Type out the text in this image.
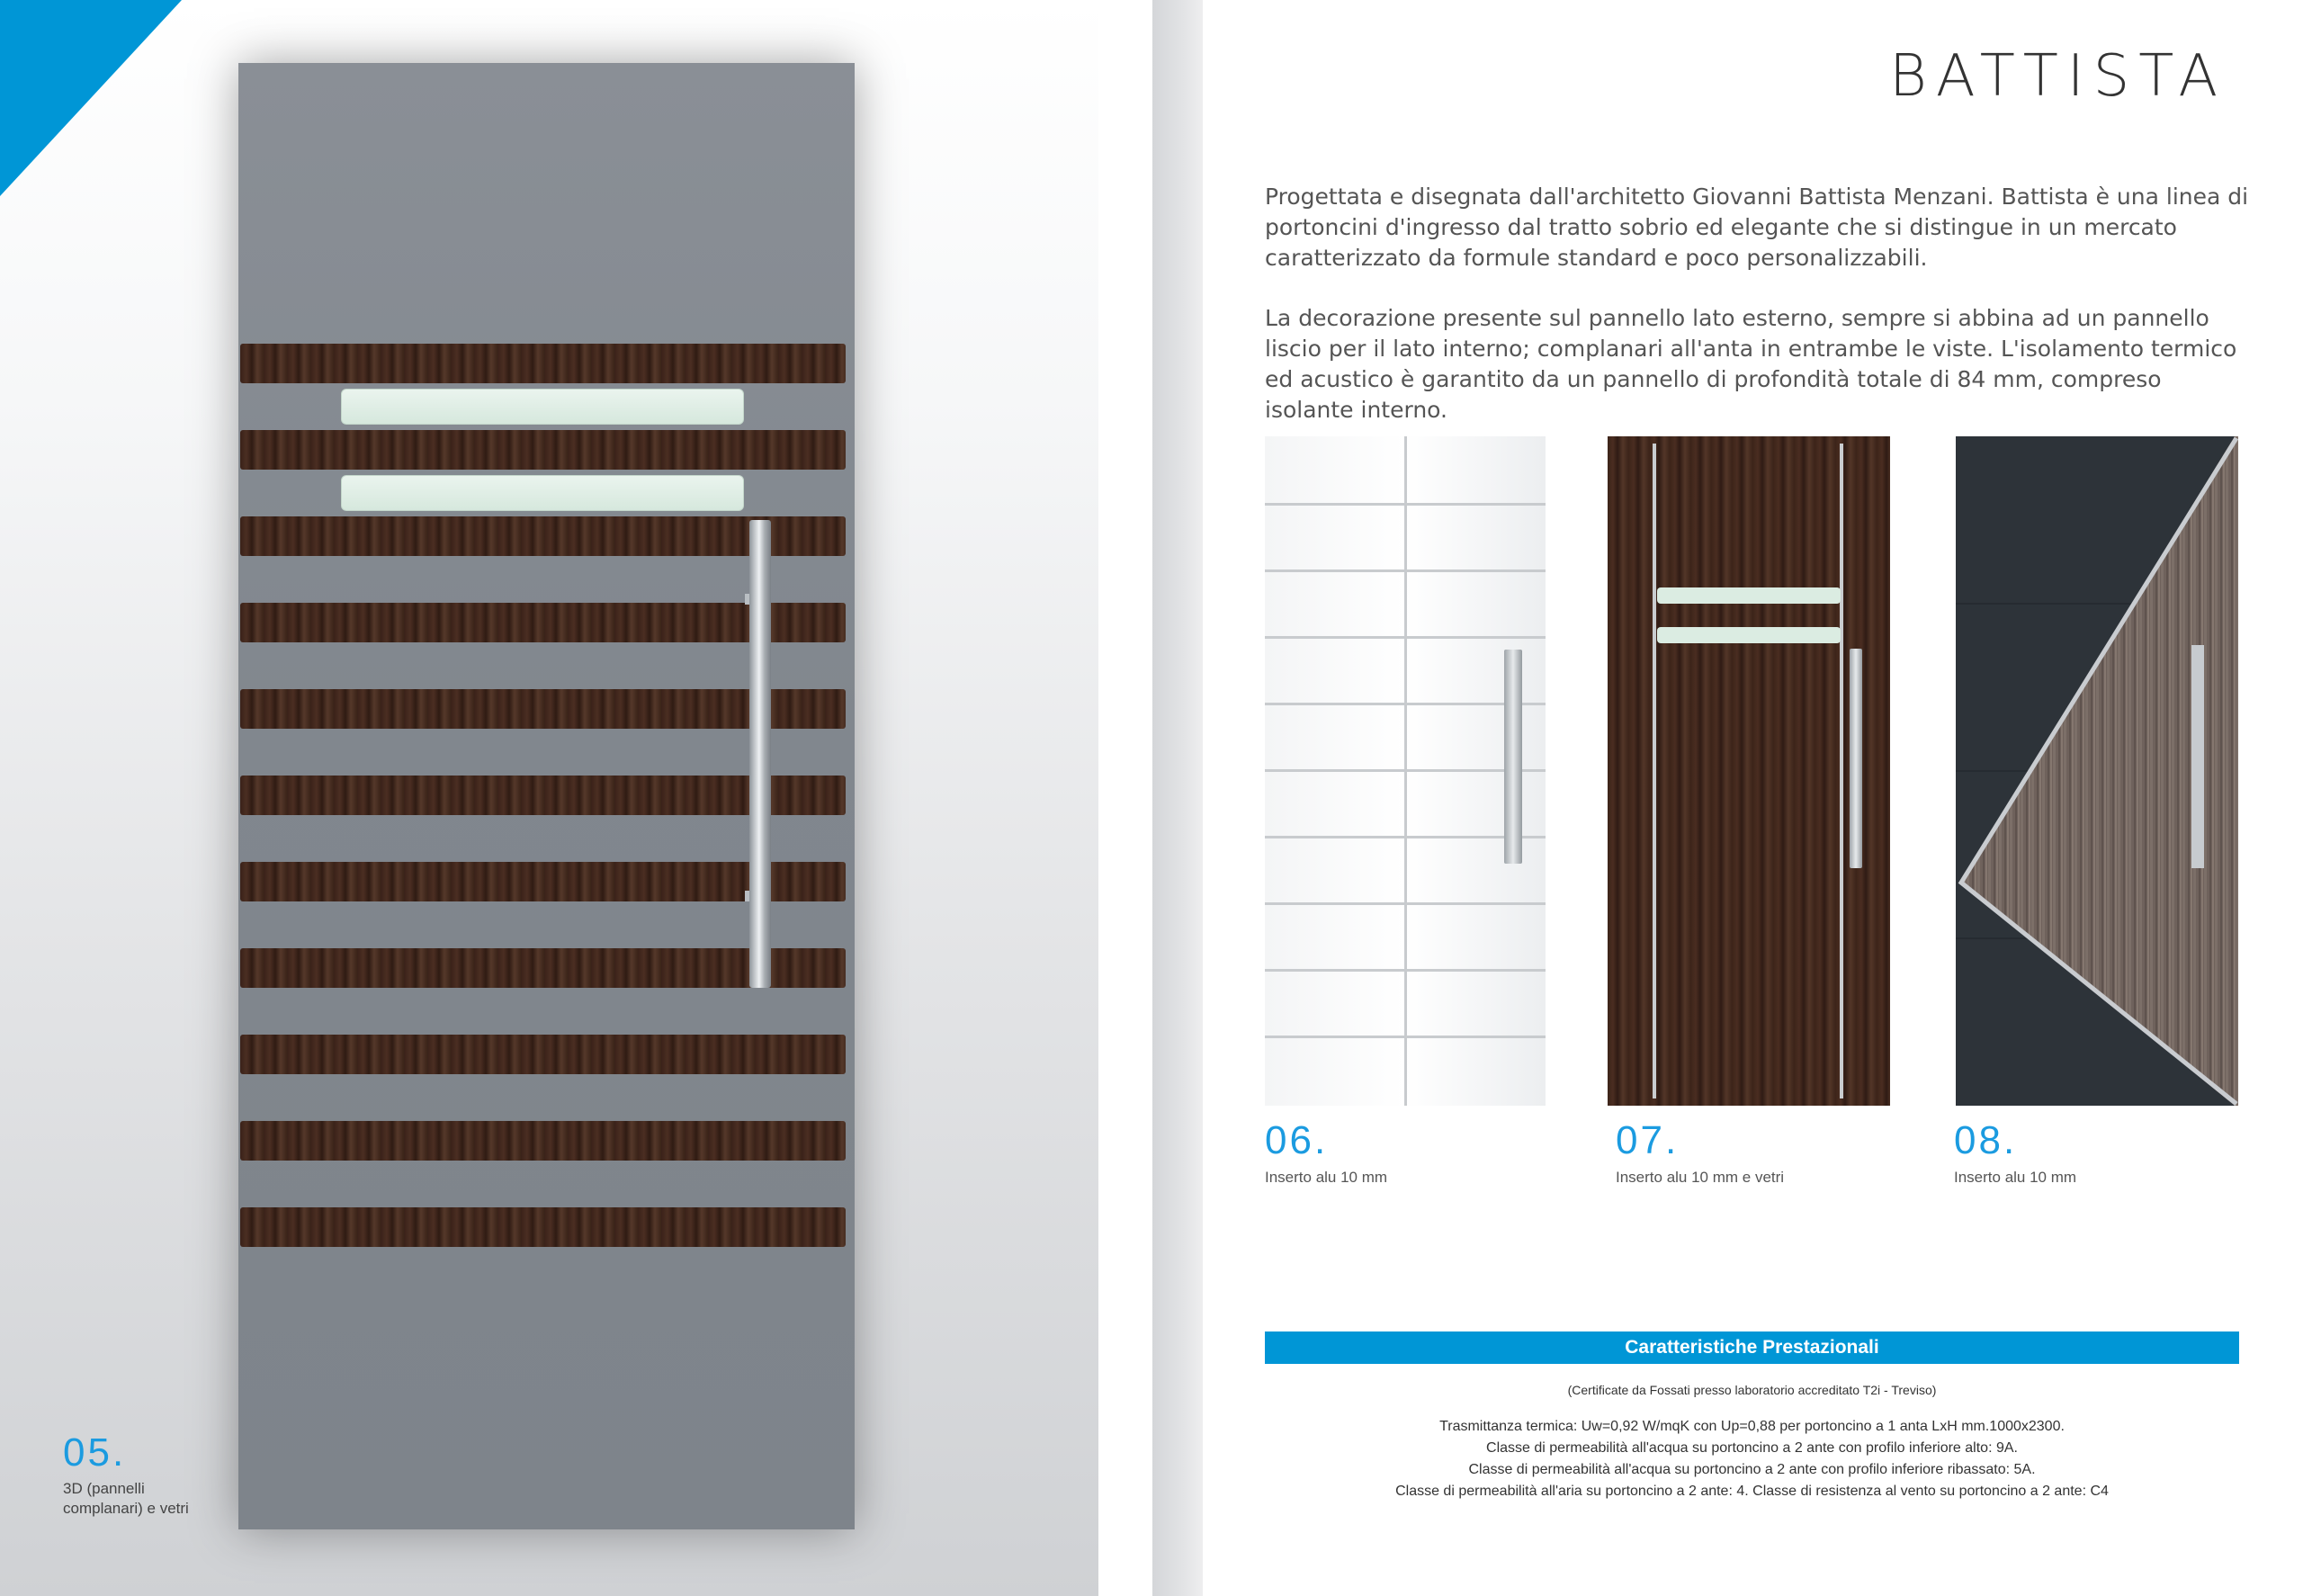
05.
3D (pannelli complanari) e vetri
BATTISTA

Progettata e disegnata dall'architetto Giovanni Battista Menzani. Battista è una linea di portoncini d'ingresso dal tratto sobrio ed elegante che si distingue in un mercato caratterizzato da formule standard e poco personalizzabili.

La decorazione presente sul pannello lato esterno, sempre si abbina ad un pannello liscio per il lato interno; complanari all'anta in entrambe le viste. L'isolamento termico ed acustico è garantito da un pannello di profondità totale di 84 mm, compreso isolante interno.

06.
Inserto alu 10 mm
07.
Inserto alu 10 mm e vetri
08.
Inserto alu 10 mm
Caratteristiche Prestazionali
(Certificate da Fossati presso laboratorio accreditato T2i - Treviso)
Trasmittanza termica: Uw=0,92 W/mqK con Up=0,88 per portoncino a 1 anta LxH mm.1000x2300.
Classe di permeabilità all'acqua su portoncino a 2 ante con profilo inferiore alto: 9A.
Classe di permeabilità all'acqua su portoncino a 2 ante con profilo inferiore ribassato: 5A.
Classe di permeabilità all'aria su portoncino a 2 ante: 4. Classe di resistenza al vento su portoncino a 2 ante: C4
